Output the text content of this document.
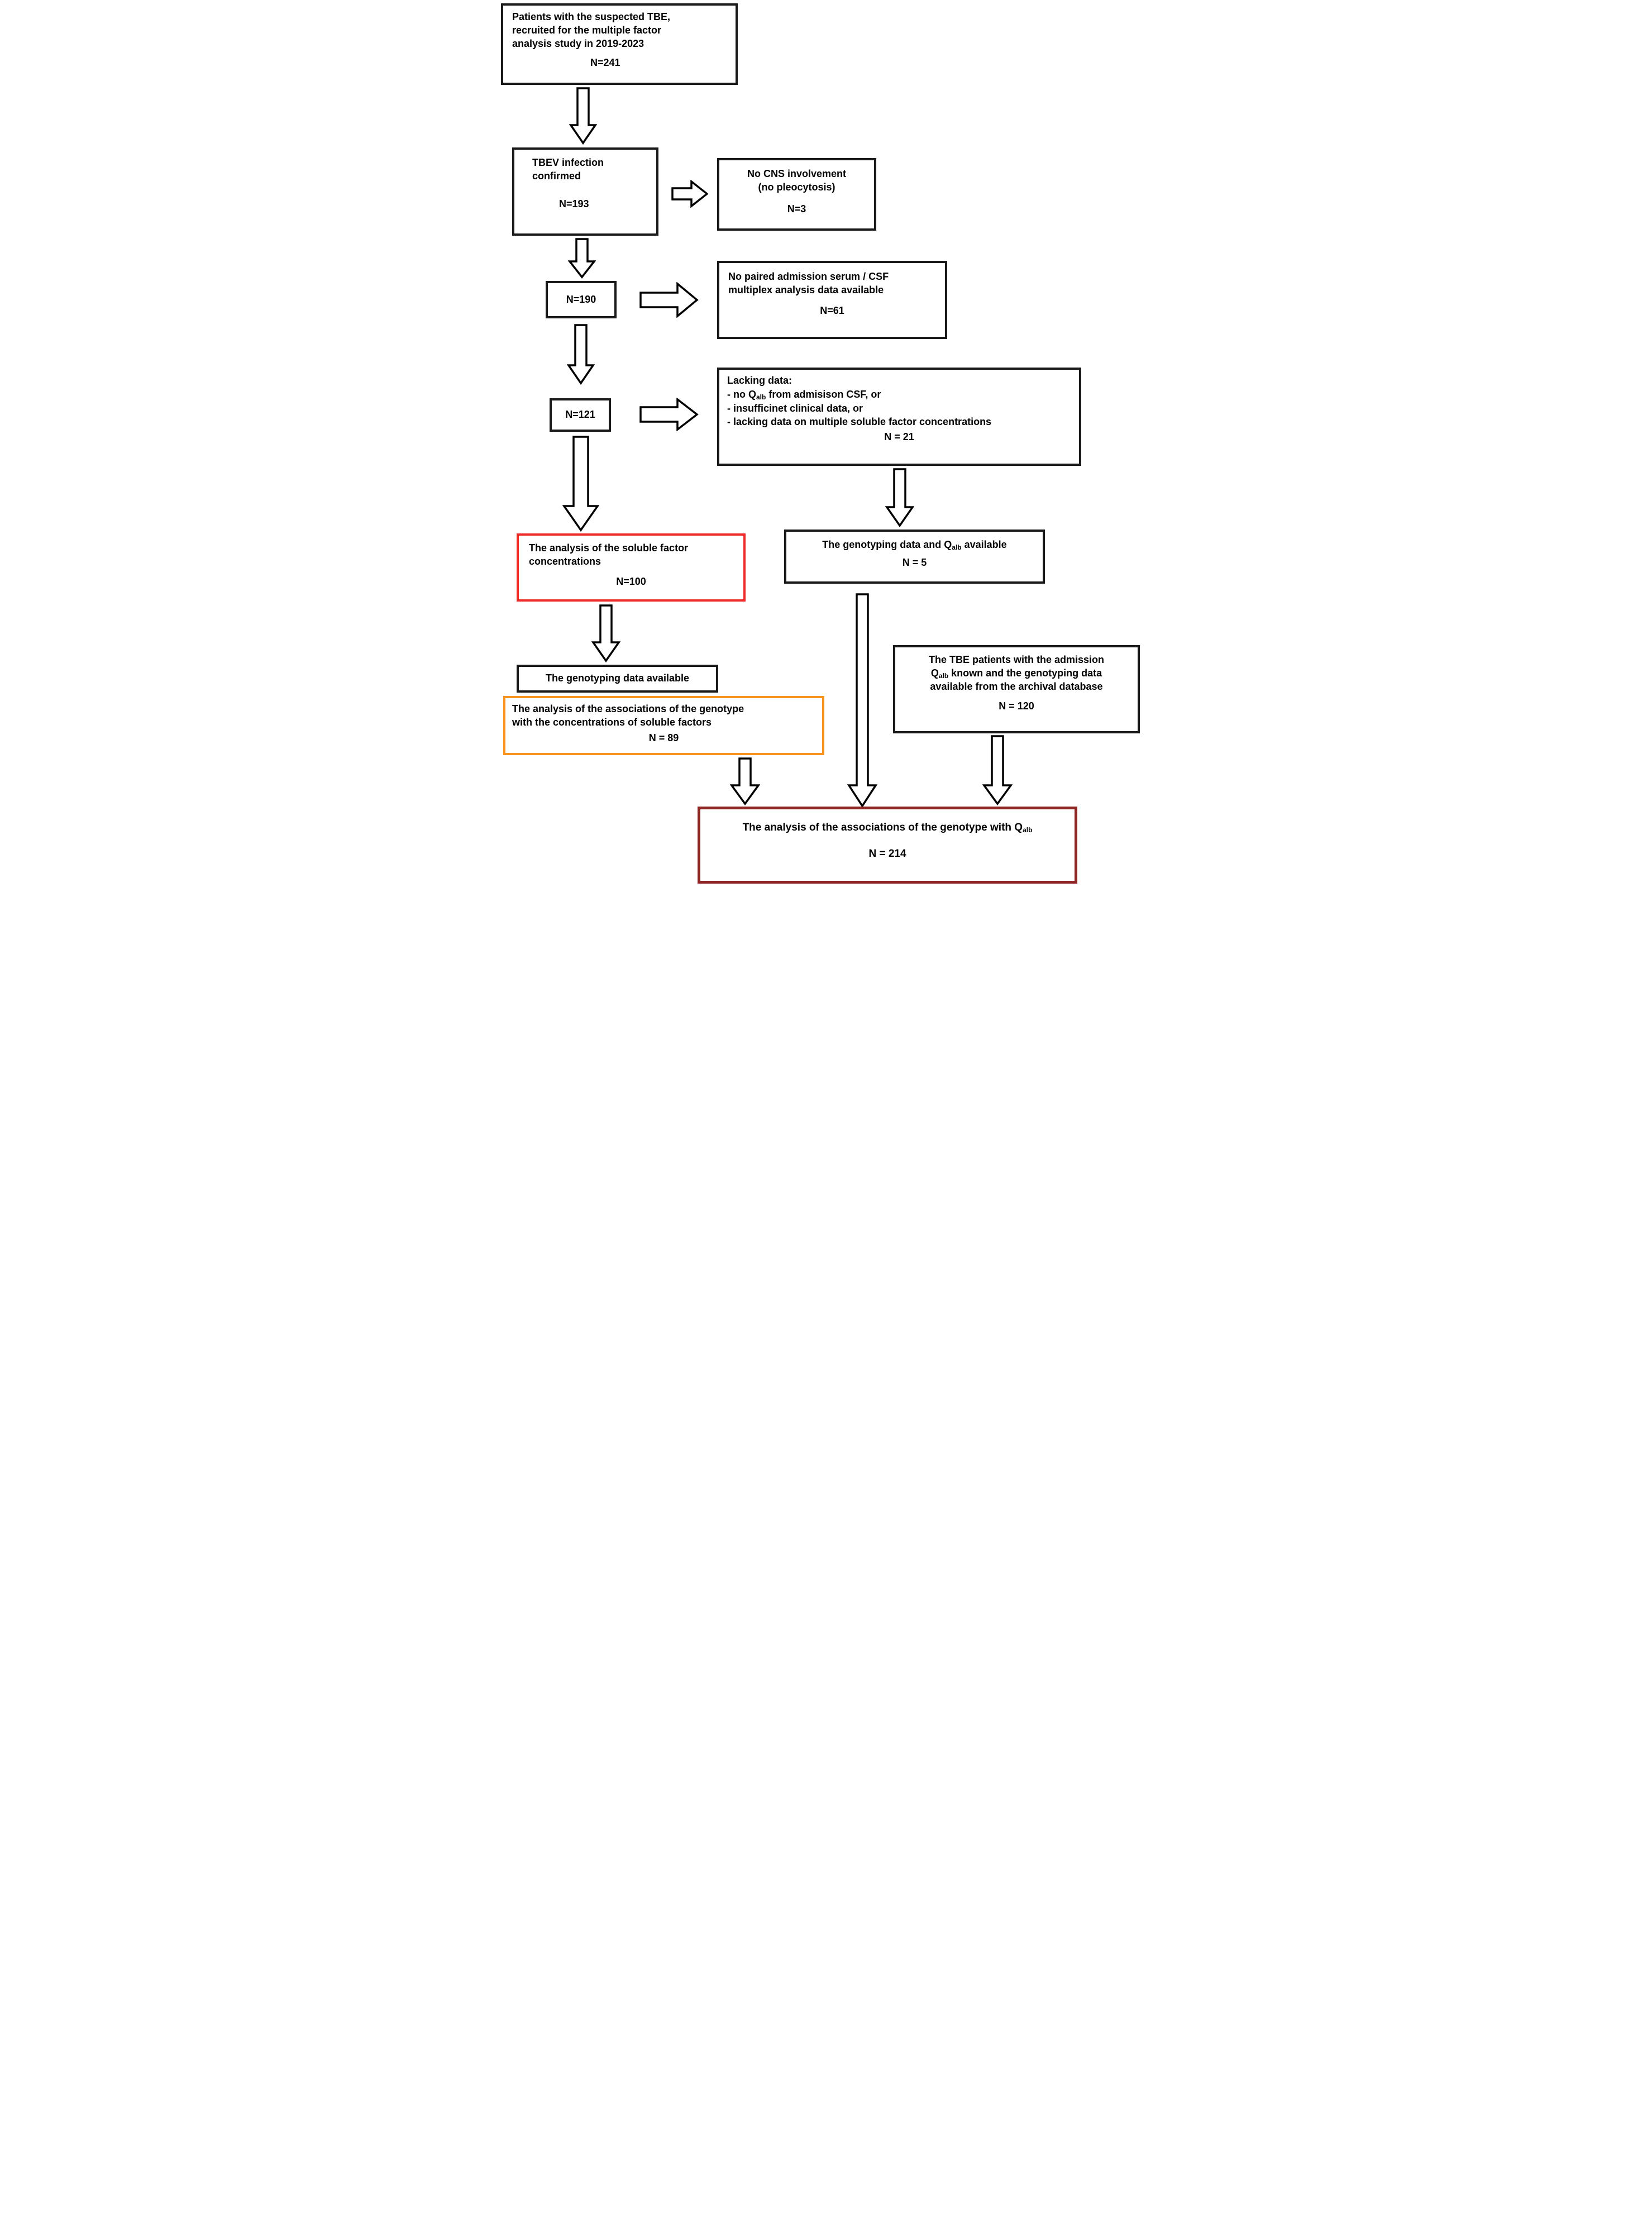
Patients with the suspected TBE,
recruited for the multiple factor
analysis study in 2019-2023
N=241
TBEV infection
confirmed
N=193
No CNS involvement
(no pleocytosis)
N=3
N=190
No paired admission serum / CSF
multiplex analysis data available
N=61
N=121
Lacking data:
- no $Q_{alb}$ from admisison CSF, or
- insufficinet clinical data, or
- lacking data on multiple soluble factor concentrations
N = 21
The analysis of the soluble factor
concentrations
N=100
The genotyping data and $Q_{alb}$ available
N = 5
The genotyping data available
The analysis of the associations of the genotype
with the concentrations of soluble factors
N = 89
The TBE patients with the admission
$Q_{alb}$ known and the genotyping data
available from the archival database
N = 120
The analysis of the associations of the genotype with $Q_{alb}$
N = 214
